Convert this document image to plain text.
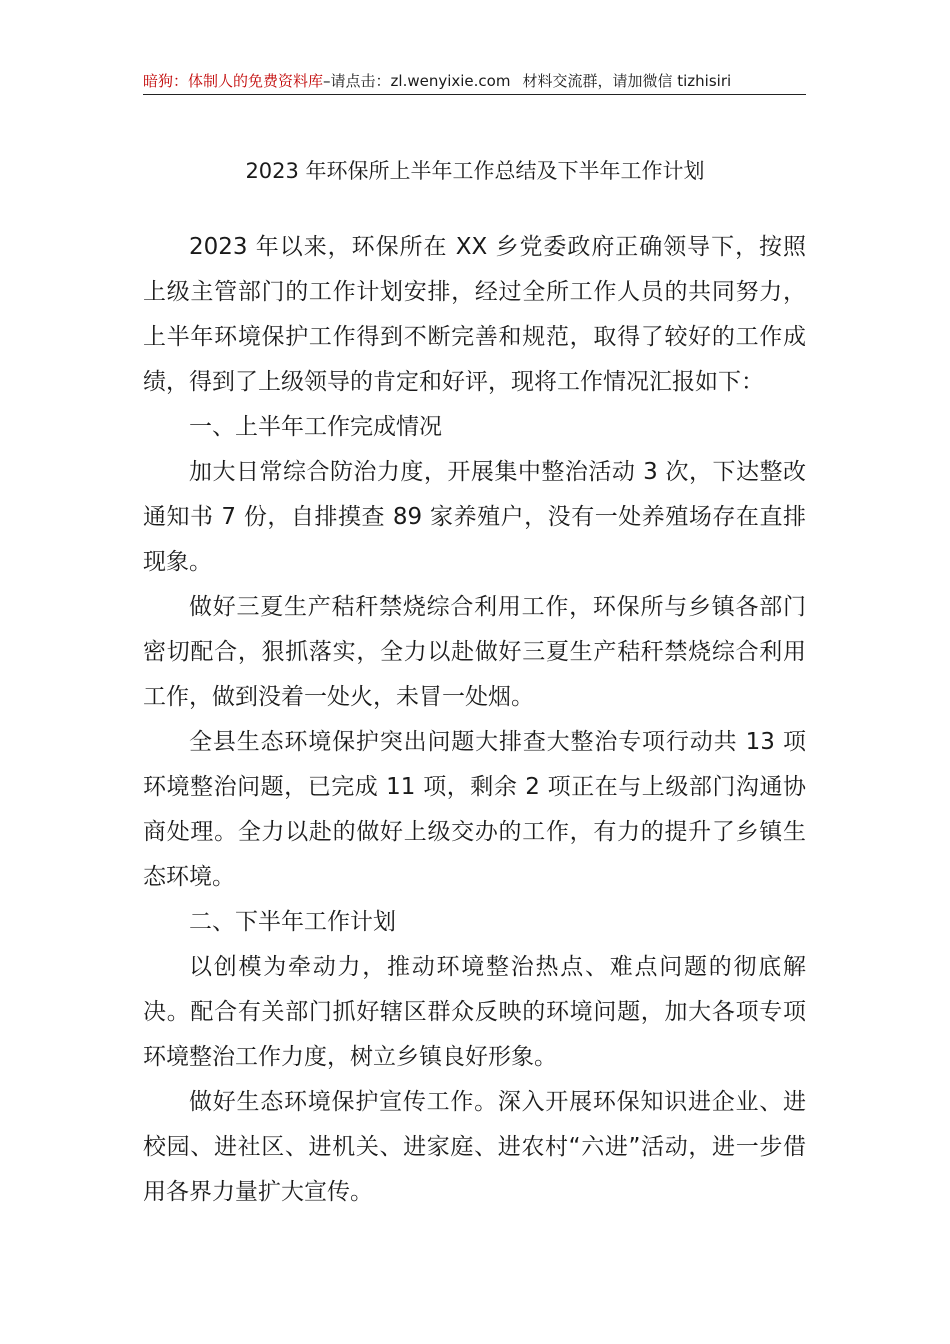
暗狗：体制人的免费资料库–请点击：zl.wenyixie.com 材料交流群，请加微信 tizhisiri
2023 年环保所上半年工作总结及下半年工作计划

2023 年以来，环保所在 XX 乡党委政府正确领导下，按照上级主管部门的工作计划安排，经过全所工作人员的共同努力，上半年环境保护工作得到不断完善和规范，取得了较好的工作成绩，得到了上级领导的肯定和好评，现将工作情况汇报如下：

一、上半年工作完成情况

加大日常综合防治力度，开展集中整治活动 3 次，下达整改通知书 7 份，自排摸查 89 家养殖户，没有一处养殖场存在直排现象。

做好三夏生产秸秆禁烧综合利用工作，环保所与乡镇各部门密切配合，狠抓落实，全力以赴做好三夏生产秸秆禁烧综合利用工作，做到没着一处火，未冒一处烟。

全县生态环境保护突出问题大排查大整治专项行动共 13 项环境整治问题，已完成 11 项，剩余 2 项正在与上级部门沟通协商处理。全力以赴的做好上级交办的工作，有力的提升了乡镇生态环境。

二、下半年工作计划

以创模为牵动力，推动环境整治热点、难点问题的彻底解决。配合有关部门抓好辖区群众反映的环境问题，加大各项专项环境整治工作力度，树立乡镇良好形象。

做好生态环境保护宣传工作。深入开展环保知识进企业、进校园、进社区、进机关、进家庭、进农村“六进”活动，进一步借用各界力量扩大宣传。
